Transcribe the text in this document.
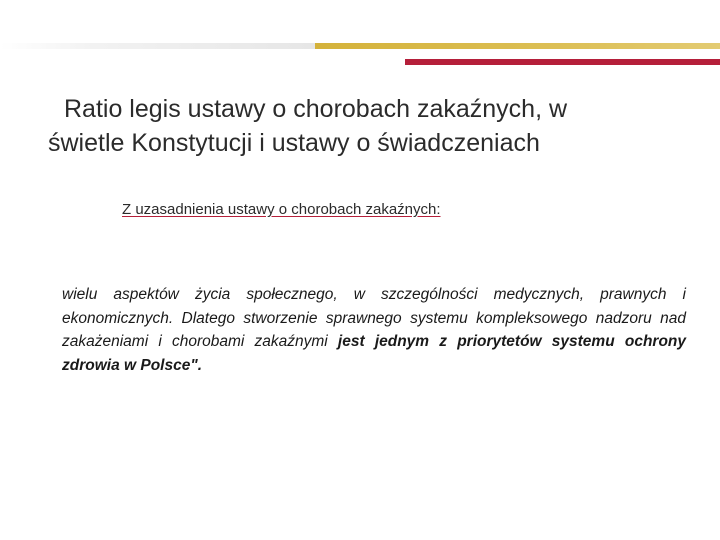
Ratio legis ustawy o chorobach zakaźnych, w
świetle Konstytucji i ustawy o świadczeniach
Z uzasadnienia ustawy o chorobach zakaźnych:

wielu aspektów życia społecznego, w szczególności medycznych, prawnych i ekonomicznych. Dlatego stworzenie sprawnego systemu kompleksowego nadzoru nad zakażeniami i chorobami zakaźnymi jest jednym z priorytetów systemu ochrony zdrowia w Polsce".
